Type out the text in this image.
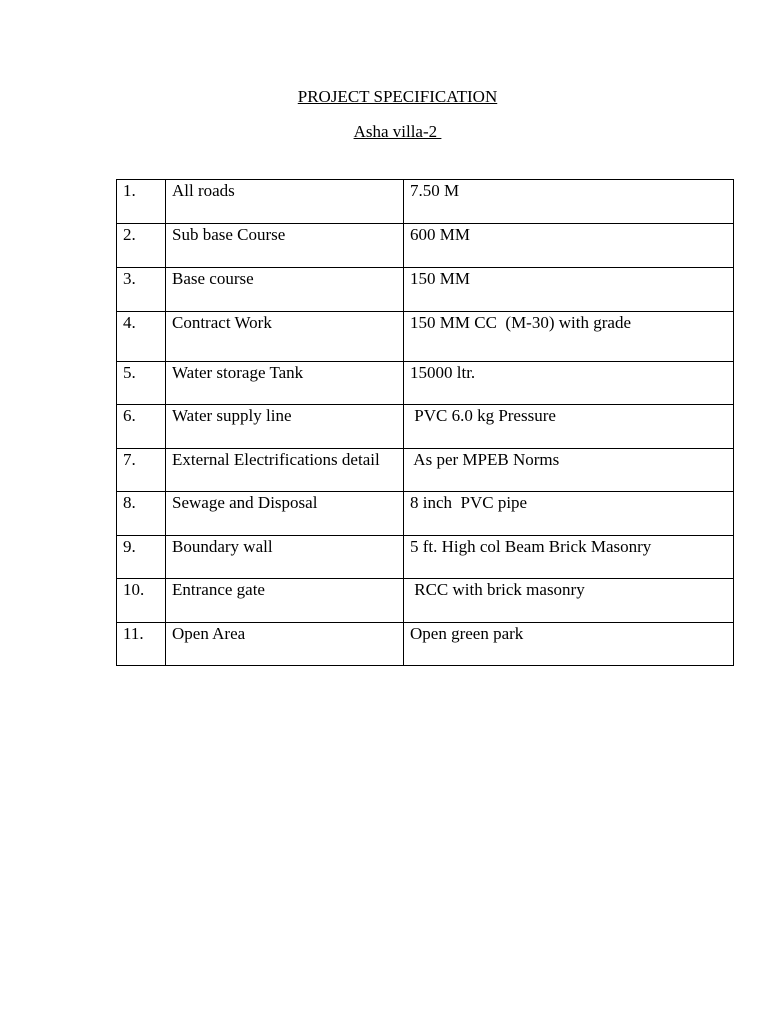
PROJECT SPECIFICATION
Asha villa-2
1.	All roads	7.50 M
2.	Sub base Course	600 MM
3.	Base course	150 MM
4.	Contract Work	150 MM CC  (M-30) with grade
5.	Water storage Tank	15000 ltr.
6.	Water supply line	PVC 6.0 kg Pressure
7.	External Electrifications detail	As per MPEB Norms
8.	Sewage and Disposal	8 inch  PVC pipe
9.	Boundary wall	5 ft. High col Beam Brick Masonry
10.	Entrance gate	RCC with brick masonry
11.	Open Area	Open green park
